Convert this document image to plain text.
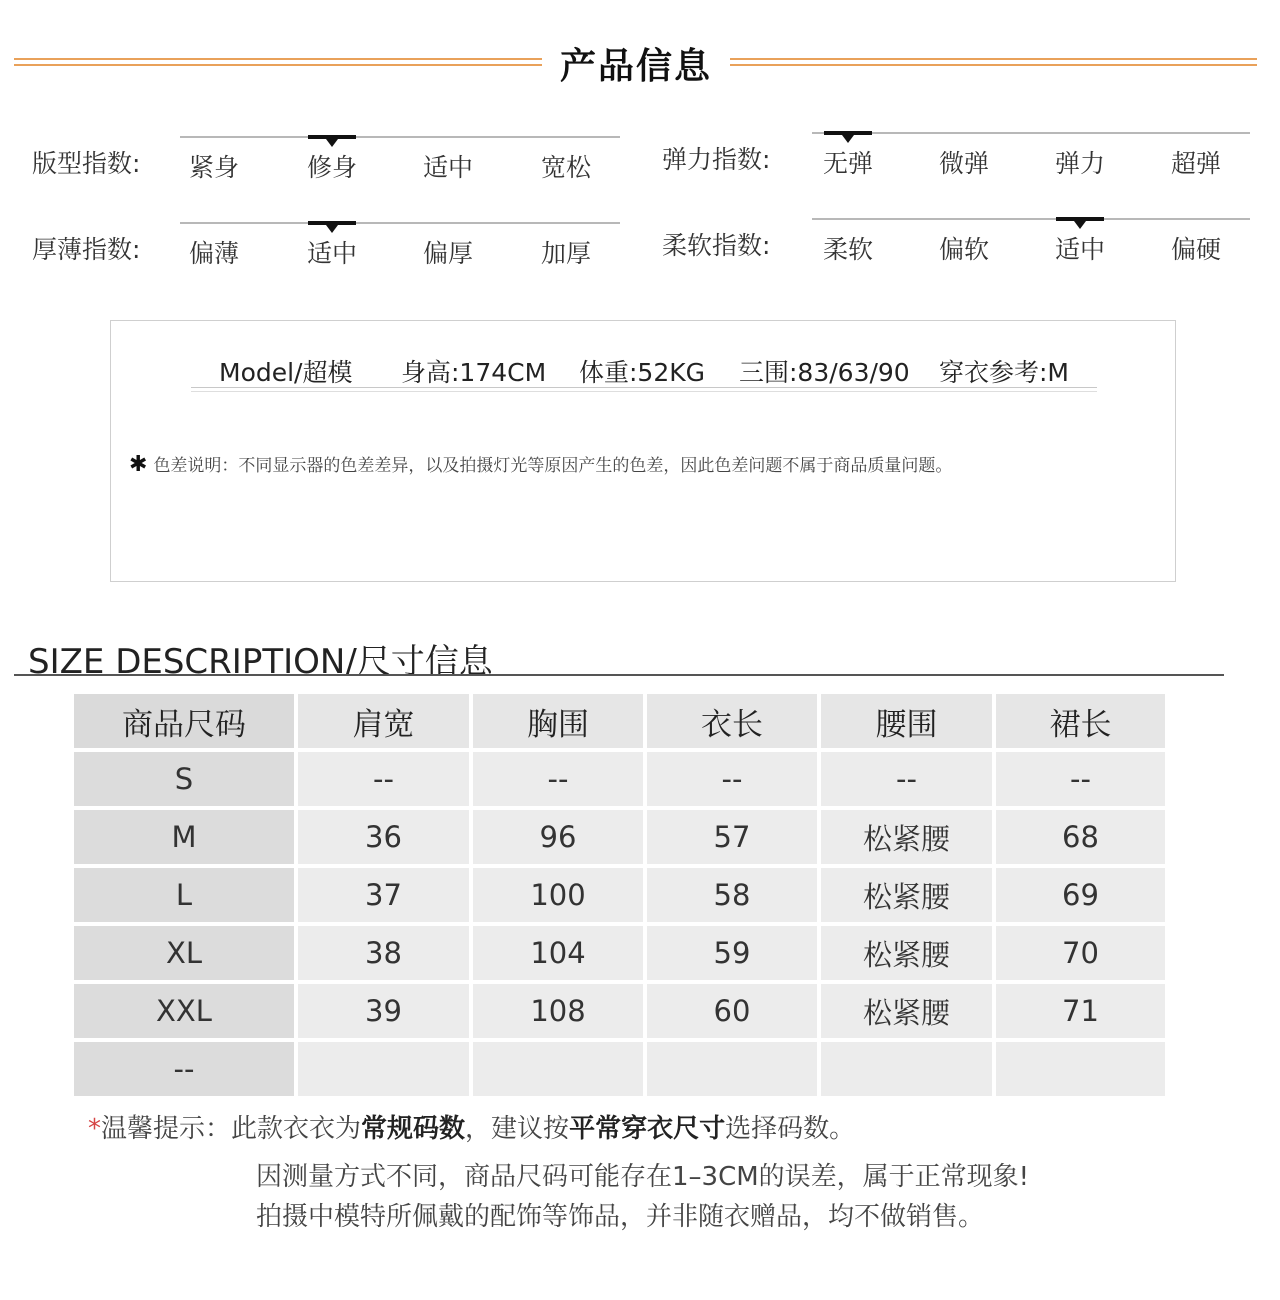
产品信息
版型指数:	紧身	修身	适中	宽松	弹力指数:	无弹	微弹	弹力	超弹
厚薄指数:	偏薄	适中	偏厚	加厚	柔软指数:	柔软	偏软	适中	偏硬
Model/超模 身高:174CM 体重:52KG 三围:83/63/90 穿衣参考:M
✱ 色差说明：不同显示器的色差差异，以及拍摄灯光等原因产生的色差，因此色差问题不属于商品质量问题。
SIZE DESCRIPTION/尺寸信息
商品尺码	肩宽	胸围	衣长	腰围	裙长
S	--	--	--	--	--
M	36	96	57	松紧腰	68
L	37	100	58	松紧腰	69
XL	38	104	59	松紧腰	70
XXL	39	108	60	松紧腰	71
--					
*温馨提示：此款衣衣为常规码数，建议按平常穿衣尺寸选择码数。
因测量方式不同，商品尺码可能存在1–3CM的误差，属于正常现象!
拍摄中模特所佩戴的配饰等饰品，并非随衣赠品，均不做销售。
